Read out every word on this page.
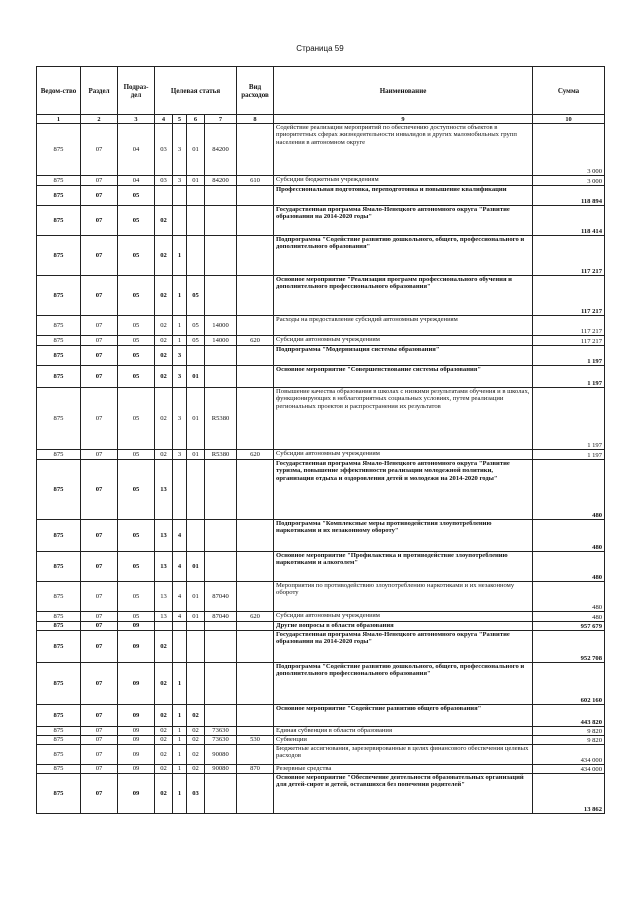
Страница 59
Ведом-ство	Раздел	Подраз-дел	Целевая статья				Вид расходов	Наименование	Сумма
1	2	3	4	5	6	7	8	9	10
875	07	04	03	3	01	84200		Содействие реализации мероприятий по обеспечению доступности объектов в приоритетных сферах жизнедеятельности инвалидов и других маломобильных групп населения в автономном округе	3 000
875	07	04	03	3	01	84200	610	Субсидии бюджетным учреждениям	3 000
875	07	05						Профессиональная подготовка, переподготовка и повышение квалификации	118 894
875	07	05	02					Государственная программа Ямало-Ненецкого автономного округа "Развитие образования на 2014-2020 годы"	118 414
875	07	05	02	1				Подпрограмма "Содействие развитию дошкольного, общего, профессионального и дополнительного образования"	117 217
875	07	05	02	1	05			Основное мероприятие "Реализация программ профессионального обучения и дополнительного профессионального образования"	117 217
875	07	05	02	1	05	14000		Расходы на предоставление субсидий автономным учреждениям	117 217
875	07	05	02	1	05	14000	620	Субсидии автономным учреждениям	117 217
875	07	05	02	3				Подпрограмма "Модернизация системы образования"	1 197
875	07	05	02	3	01			Основное мероприятие "Совершенствование системы образования"	1 197
875	07	05	02	3	01	R5380		Повышение качества образования в школах с низкими результатами обучения и в школах, функционирующих в неблагоприятных социальных условиях, путем реализации региональных проектов и распространения их результатов	1 197
875	07	05	02	3	01	R5380	620	Субсидии автономным учреждениям	1 197
875	07	05	13					Государственная программа Ямало-Ненецкого автономного округа "Развитие туризма, повышение эффективности реализации молодежной политики, организация отдыха и оздоровления детей и молодежи на 2014-2020 годы"	480
875	07	05	13	4				Подпрограмма "Комплексные меры противодействия злоупотреблению наркотиками и их незаконному обороту"	480
875	07	05	13	4	01			Основное мероприятие "Профилактика и противодействие злоупотреблению наркотиками и алкоголем"	480
875	07	05	13	4	01	87040		Мероприятия по противодействию злоупотреблению наркотиками и их незаконному обороту	480
875	07	05	13	4	01	87040	620	Субсидии автономным учреждениям	480
875	07	09						Другие вопросы в области образования	957 679
875	07	09	02					Государственная программа Ямало-Ненецкого автономного округа "Развитие образования на 2014-2020 годы"	952 708
875	07	09	02	1				Подпрограмма "Содействие развитию дошкольного, общего, профессионального и дополнительного профессионального образования"	602 160
875	07	09	02	1	02			Основное мероприятие "Содействие развитию общего образования"	443 820
875	07	09	02	1	02	73630		Единая субвенция в области образования	9 820
875	07	09	02	1	02	73630	530	Субвенции	9 820
875	07	09	02	1	02	90080		Бюджетные ассигнования, зарезервированные в целях финансового обеспечения целевых расходов	434 000
875	07	09	02	1	02	90080	870	Резервные средства	434 000
875	07	09	02	1	03			Основное мероприятие "Обеспечение деятельности образовательных организаций для детей-сирот и детей, оставшихся без попечения родителей"	13 862
